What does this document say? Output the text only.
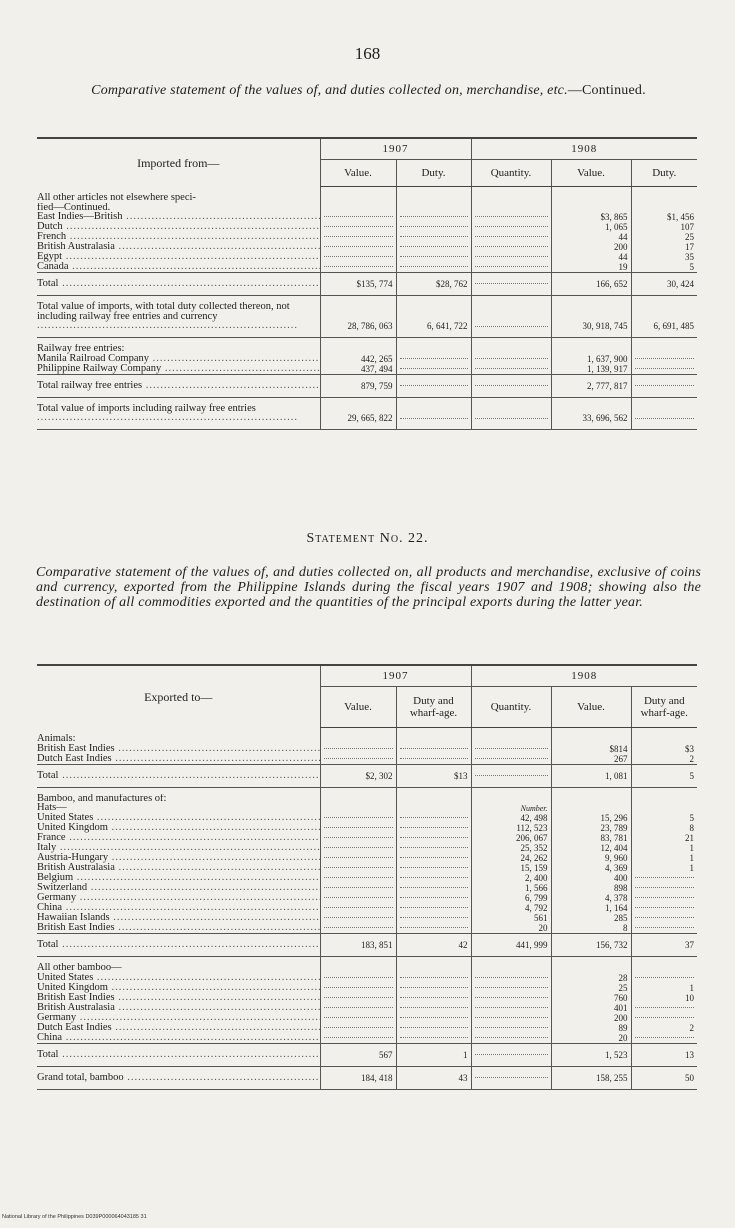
168
Comparative statement of the values of, and duties collected on, merchandise, etc.—Continued.
Imported from—	1907		1908		
	Value.	Duty.	Quantity.	Value.	Duty.

All other articles not elsewhere speci-					
fied—Continued.					
East Indies—British .....				$3, 865	$1, 456
Dutch .....				1, 065	107
French .....				44	25
British Australasia .....				200	17
Egypt .....				44	35
Canada .....				19	5

Total .....	$135, 774	$28, 762		166, 652	30, 424

Total value of imports, with total duty collected thereon, not including railway free entries and currency .....	28, 786, 063	6, 641, 722		30, 918, 745	6, 691, 485

Railway free entries:					
Manila Railroad Company .....	442, 265			1, 637, 900	

Philippine Railway Company .....	437, 494			1, 139, 917	

Total railway free entries .....	879, 759			2, 777, 817	

Total value of imports including railway free entries .....	29, 665, 822			33, 696, 562	

Statement No. 22.
Comparative statement of the values of, and duties collected on, all products and merchandise, exclusive of coins and currency, exported from the Philippine Islands during the fiscal years 1907 and 1908; showing also the destination of all commodities exported and the quantities of the principal exports during the latter year.
Exported to—	1907		1908		
	Value.	Duty and wharf-age.	Quantity.	Value.	Duty and wharf-age.

Animals:					
British East Indies .....				$814	$3
Dutch East Indies .....				267	2

Total .....	$2, 302	$13		1, 081	5

Bamboo, and manufactures of:					
Hats—			Number.		
United States .....			42, 498	15, 296	5
United Kingdom .....			112, 523	23, 789	8
France .....			206, 067	83, 781	21
Italy .....			25, 352	12, 404	1
Austria-Hungary .....			24, 262	9, 960	1
British Australasia .....			15, 159	4, 369	1
Belgium .....			2, 400	400	

Switzerland .....			1, 566	898	

Germany .....			6, 799	4, 378	

China .....			4, 792	1, 164	

Hawaiian Islands .....			561	285	

British East Indies .....			20	8	

Total .....	183, 851	42	441, 999	156, 732	37

All other bamboo—					
United States .....				28	

United Kingdom .....				25	1
British East Indies .....				760	10
British Australasia .....				401	

Germany .....				200	

Dutch East Indies .....				89	2
China .....				20	

Total .....	567	1		1, 523	13

Grand total, bamboo .....	184, 418	43		158, 255	50

National Library of the Philippines D039P000064043185 31
